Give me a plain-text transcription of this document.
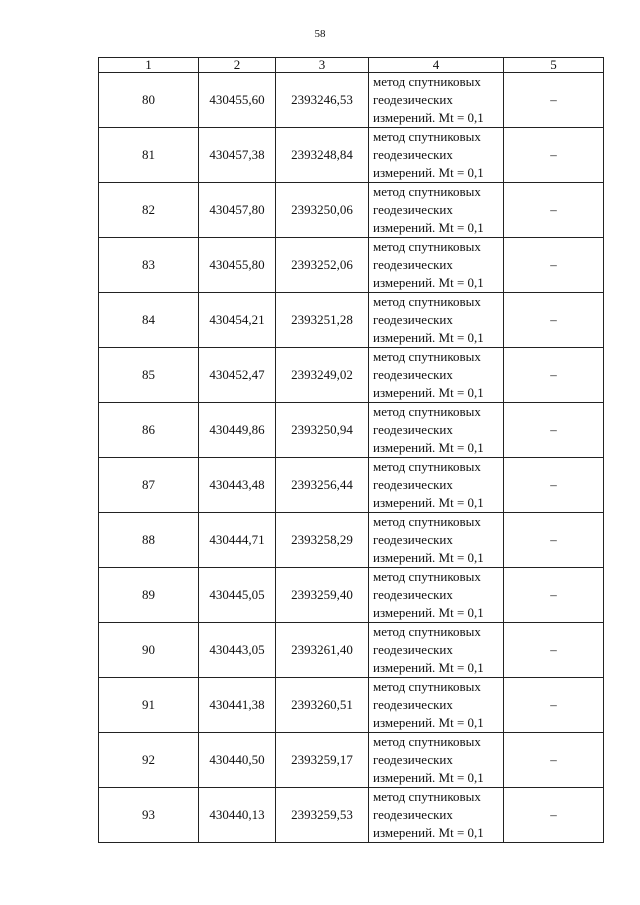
58
1	2	3	4	5
80	430455,60	2393246,53	метод спутниковых
геодезических
измерений. Mt = 0,1	–
81	430457,38	2393248,84	метод спутниковых
геодезических
измерений. Mt = 0,1	–
82	430457,80	2393250,06	метод спутниковых
геодезических
измерений. Mt = 0,1	–
83	430455,80	2393252,06	метод спутниковых
геодезических
измерений. Mt = 0,1	–
84	430454,21	2393251,28	метод спутниковых
геодезических
измерений. Mt = 0,1	–
85	430452,47	2393249,02	метод спутниковых
геодезических
измерений. Mt = 0,1	–
86	430449,86	2393250,94	метод спутниковых
геодезических
измерений. Mt = 0,1	–
87	430443,48	2393256,44	метод спутниковых
геодезических
измерений. Mt = 0,1	–
88	430444,71	2393258,29	метод спутниковых
геодезических
измерений. Mt = 0,1	–
89	430445,05	2393259,40	метод спутниковых
геодезических
измерений. Mt = 0,1	–
90	430443,05	2393261,40	метод спутниковых
геодезических
измерений. Mt = 0,1	–
91	430441,38	2393260,51	метод спутниковых
геодезических
измерений. Mt = 0,1	–
92	430440,50	2393259,17	метод спутниковых
геодезических
измерений. Mt = 0,1	–
93	430440,13	2393259,53	метод спутниковых
геодезических
измерений. Mt = 0,1	–
